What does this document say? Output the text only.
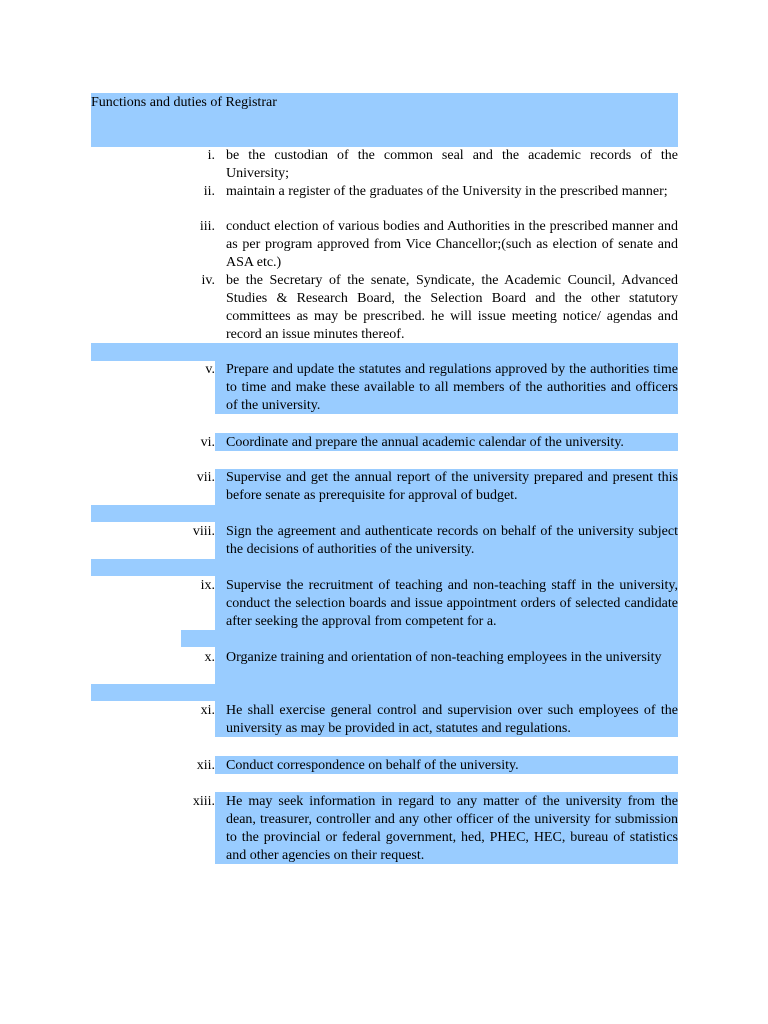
Functions and duties of Registrar
i. be the custodian of the common seal and the academic records of the University;
ii. maintain a register of the graduates of the University in the prescribed manner;
iii. conduct election of various bodies and Authorities in the prescribed manner and as per program approved from Vice Chancellor;(such as election of senate and ASA etc.)
iv. be the Secretary of the senate, Syndicate, the Academic Council, Advanced Studies & Research Board, the Selection Board and the other statutory committees as may be prescribed. he will issue meeting notice/ agendas and record an issue minutes thereof.
v. Prepare and update the statutes and regulations approved by the authorities time to time and make these available to all members of the authorities and officers of the university.
vi. Coordinate and prepare the annual academic calendar of the university.
vii. Supervise and get the annual report of the university prepared and present this before senate as prerequisite for approval of budget.
viii. Sign the agreement and authenticate records on behalf of the university subject the decisions of authorities of the university.
ix. Supervise the recruitment of teaching and non-teaching staff in the university, conduct the selection boards and issue appointment orders of selected candidate after seeking the approval from competent for a.
x. Organize training and orientation of non-teaching employees in the university
xi. He shall exercise general control and supervision over such employees of the university as may be provided in act, statutes and regulations.
xii. Conduct correspondence on behalf of the university.
xiii. He may seek information in regard to any matter of the university from the dean, treasurer, controller and any other officer of the university for submission to the provincial or federal government, hed, PHEC, HEC, bureau of statistics and other agencies on their request.
